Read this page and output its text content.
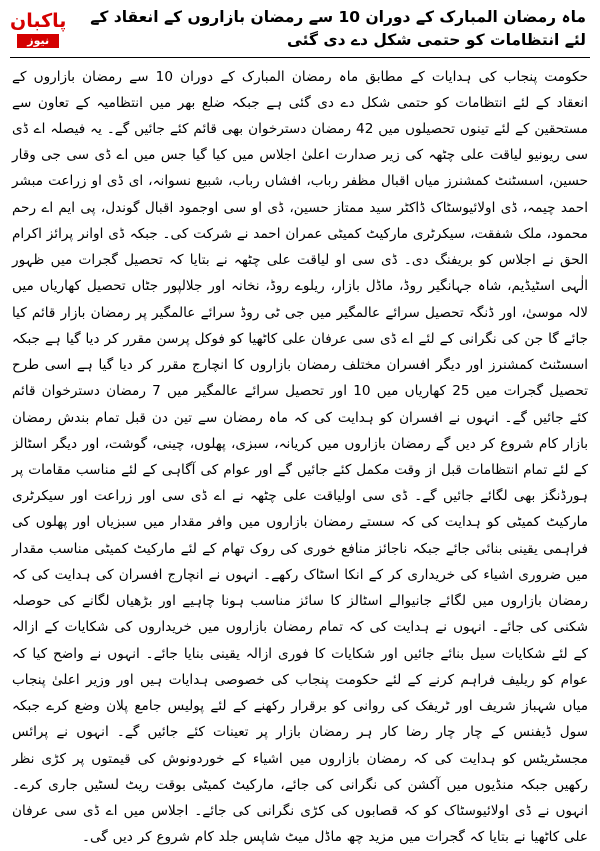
پاکبان
نیوز
ماہ رمضان المبارک کے دوران 10 سے رمضان بازاروں کے انعقاد کے لئے انتظامات کو حتمی شکل دے دی گئی

حکومت پنجاب کی ہدایات کے مطابق ماہ رمضان المبارک کے دوران 10 سے رمضان بازاروں کے انعقاد کے لئے انتظامات کو حتمی شکل دے دی گئی ہے جبکہ ضلع بھر میں انتظامیہ کے تعاون سے مستحقین کے لئے تینوں تحصیلوں میں 42 رمضان دسترخوان بھی قائم کئے جائیں گے۔ یہ فیصلہ اے ڈی سی ریونیو لیاقت علی چٹھہ کی زیر صدارت اعلیٰ اجلاس میں کیا گیا جس میں اے ڈی سی جی وقار حسین، اسسٹنٹ کمشنرز میاں اقبال مظفر رباب، افشاں رباب، شبیع نسوانہ، ای ڈی او زراعت مبشر احمد چیمہ، ڈی اولائیوسٹاک ڈاکٹر سید ممتاز حسین، ڈی او سی اوجمود اقبال گوندل، پی ایم اے رحم محمود، ملک شفقت، سیکرٹری مارکیٹ کمیٹی عمران احمد نے شرکت کی۔ جبکہ ڈی اوانر پرائز اکرام الحق نے اجلاس کو بریفنگ دی۔ ڈی سی او لیاقت علی چٹھہ نے بتایا کہ تحصیل گجرات میں ظہور الٰہی اسٹیڈیم، شاہ جہانگیر روڈ، ماڈل بازار، ریلوے روڈ، نخانہ اور جلالپور جٹاں تحصیل کھاریاں میں لالہ موسیٰ، اور ڈنگہ تحصیل سرائے عالمگیر میں جی ٹی روڈ سرائے عالمگیر پر رمضان بازار قائم کیا جائے گا جن کی نگرانی کے لئے اے ڈی سی عرفان علی کاٹھیا کو فوکل پرسن مقرر کر دیا گیا ہے جبکہ اسسٹنٹ کمشنرز اور دیگر افسران مختلف رمضان بازاروں کا انچارج مقرر کر دیا گیا ہے اسی طرح تحصیل گجرات میں 25 کھاریاں میں 10 اور تحصیل سرائے عالمگیر میں 7 رمضان دسترخوان قائم کئے جائیں گے۔ انہوں نے افسران کو ہدایت کی کہ ماہ رمضان سے تین دن قبل تمام بندش رمضان بازار کام شروع کر دیں گے رمضان بازاروں میں کریانہ، سبزی، پھلوں، چینی، گوشت، اور دیگر اسٹالز کے لئے تمام انتظامات قبل از وقت مکمل کئے جائیں گے اور عوام کی آگاہی کے لئے مناسب مقامات پر ہورڈنگز بھی لگائے جائیں گے۔ ڈی سی اولیاقت علی چٹھہ نے اے ڈی سی اور زراعت اور سیکرٹری مارکیٹ کمیٹی کو ہدایت کی کہ سستے رمضان بازاروں میں وافر مقدار میں سبزیاں اور پھلوں کی فراہمی یقینی بنائی جائے جبکہ ناجائز منافع خوری کی روک تھام کے لئے مارکیٹ کمیٹی مناسب مقدار میں ضروری اشیاء کی خریداری کر کے انکا اسٹاک رکھے۔ انہوں نے انچارج افسران کی ہدایت کی کہ رمضان بازاروں میں لگائے جانیوالے اسٹالز کا سائز مناسب ہونا چاہیے اور بڑھیاں لگانے کی حوصلہ شکنی کی جائے۔ انہوں نے ہدایت کی کہ تمام رمضان بازاروں میں خریداروں کی شکایات کے ازالہ کے لئے شکایات سیل بنائے جائیں اور شکایات کا فوری ازالہ یقینی بنایا جائے۔ انہوں نے واضح کیا کہ عوام کو ریلیف فراہم کرنے کے لئے حکومت پنجاب کی خصوصی ہدایات ہیں اور وزیر اعلیٰ پنجاب میاں شہباز شریف اور ٹریفک کی روانی کو برقرار رکھنے کے لئے پولیس جامع پلان وضع کرے جبکہ سول ڈیفنس کے چار چار رضا کار ہر رمضان بازار پر تعینات کئے جائیں گے۔ انہوں نے پرائس مجسٹریٹس کو ہدایت کی کہ رمضان بازاروں میں اشیاء کے خوردونوش کی قیمتوں پر کڑی نظر رکھیں جبکہ منڈیوں میں آکشن کی نگرانی کی جائے، مارکیٹ کمیٹی بوقت ریٹ لسٹیں جاری کرے۔ انہوں نے ڈی اولائیوسٹاک کو کہ قصابوں کی کڑی نگرانی کی جائے۔ اجلاس میں اے ڈی سی عرفان علی کاٹھیا نے بتایا کہ گجرات میں مزید چھ ماڈل میٹ شاپس جلد کام شروع کر دیں گی۔
